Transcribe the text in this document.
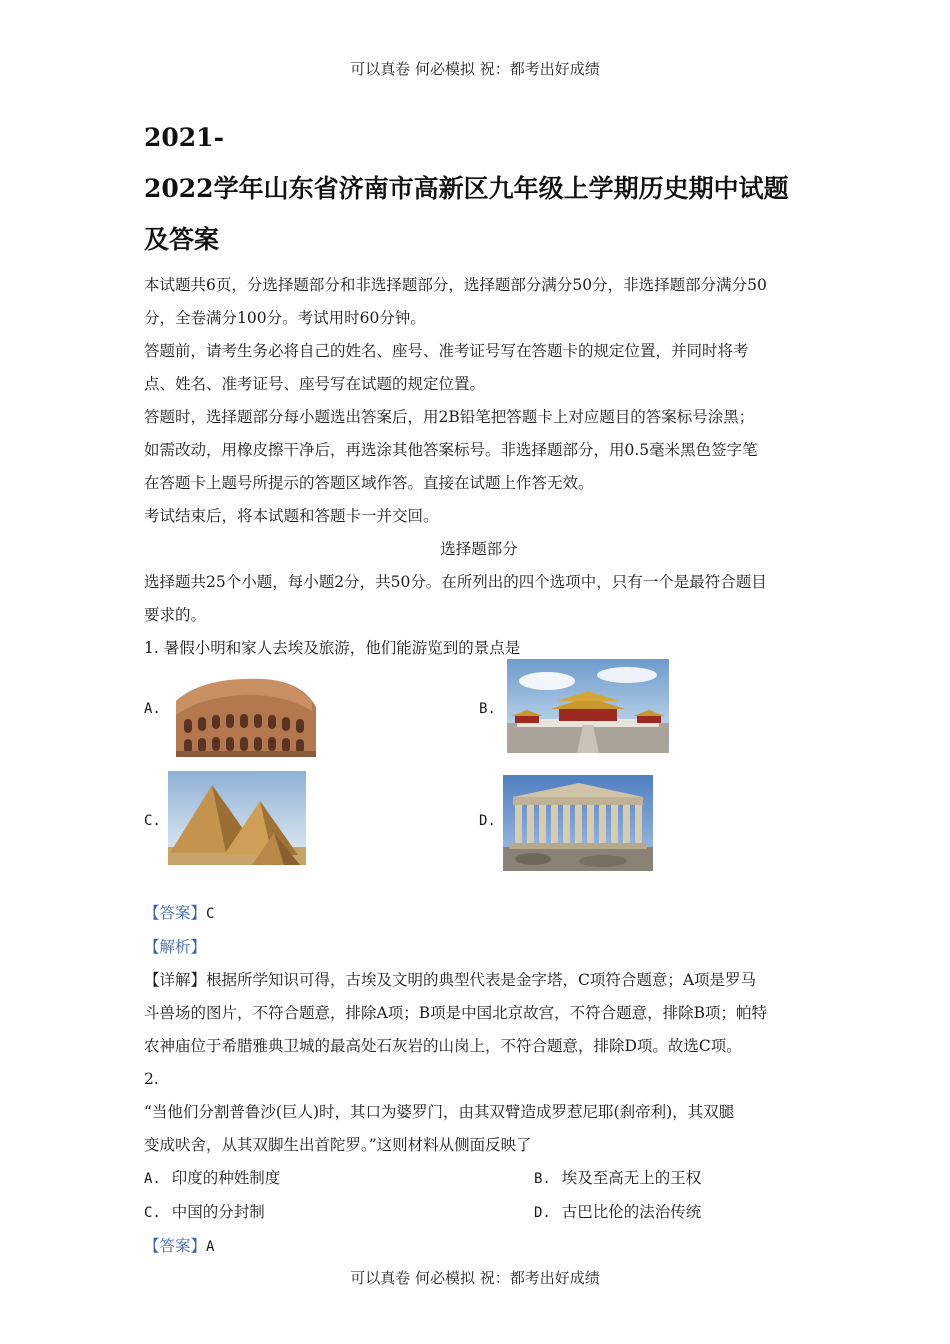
可以真卷 何必模拟 祝：都考出好成绩

2021-

2022学年山东省济南市高新区九年级上学期历史期中试题

及答案

本试题共6页，分选择题部分和非选择题部分，选择题部分满分50分，非选择题部分满分50

分，全卷满分100分。考试用时60分钟。

答题前，请考生务必将自己的姓名、座号、准考证号写在答题卡的规定位置，并同时将考

点、姓名、准考证号、座号写在试题的规定位置。

答题时，选择题部分每小题选出答案后，用2B铅笔把答题卡上对应题目的答案标号涂黑；

如需改动，用橡皮擦干净后，再选涂其他答案标号。非选择题部分，用0.5毫米黑色签字笔

在答题卡上题号所提示的答题区域作答。直接在试题上作答无效。

考试结束后，将本试题和答题卡一并交回。

选择题部分

选择题共25个小题，每小题2分，共50分。在所列出的四个选项中，只有一个是最符合题目

要求的。

1. 暑假小明和家人去埃及旅游，他们能游览到的景点是

A.	B.
C.	D.

【答案】C

【解析】

【详解】根据所学知识可得，古埃及文明的典型代表是金字塔，C项符合题意；A项是罗马

斗兽场的图片，不符合题意，排除A项；B项是中国北京故宫，不符合题意，排除B项；帕特

农神庙位于希腊雅典卫城的最高处石灰岩的山岗上，不符合题意，排除D项。故选C项。

2.

“当他们分割普鲁沙(巨人)时，其口为婆罗门，由其双臂造成罗惹尼耶(刹帝利)，其双腿

变成吠舍，从其双脚生出首陀罗。”这则材料从侧面反映了

A. 印度的种姓制度	B. 埃及至高无上的王权
C. 中国的分封制	D. 古巴比伦的法治传统

【答案】A

可以真卷 何必模拟 祝：都考出好成绩
